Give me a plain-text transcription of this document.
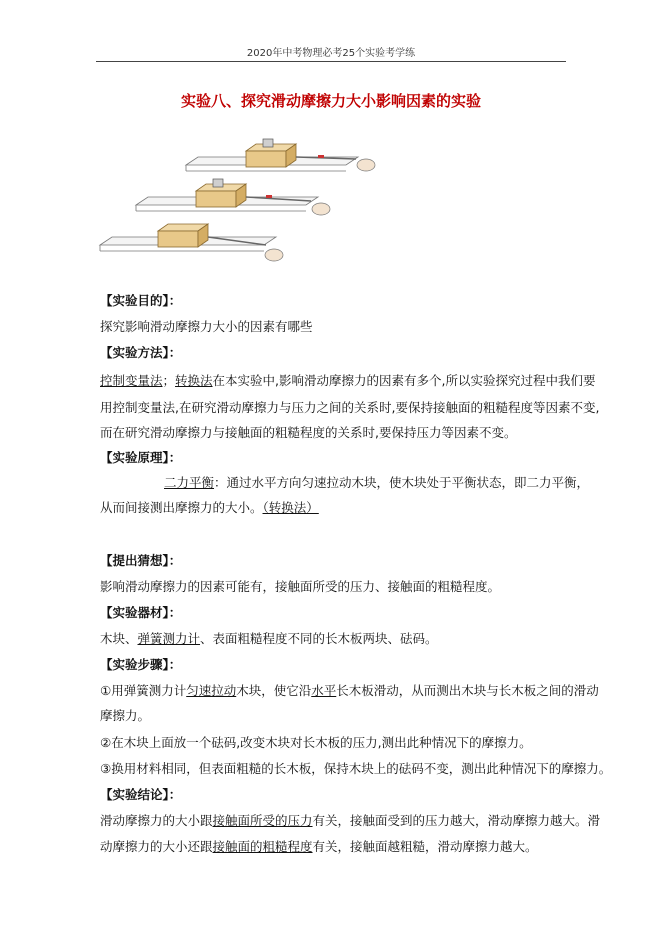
2020年中考物理必考25个实验考学练
实验八、探究滑动摩擦力大小影响因素的实验
【实验目的】：
探究影响滑动摩擦力大小的因素有哪些
【实验方法】：
控制变量法；转换法在本实验中,影响滑动摩擦力的因素有多个,所以实验探究过程中我们要
用控制变量法,在研究滑动摩擦力与压力之间的关系时,要保持接触面的粗糙程度等因素不变,
而在研究滑动摩擦力与接触面的粗糙程度的关系时,要保持压力等因素不变。
【实验原理】：
二力平衡：通过水平方向匀速拉动木块，使木块处于平衡状态，即二力平衡，
从而间接测出摩擦力的大小。（转换法）
【提出猜想】：
影响滑动摩擦力的因素可能有，接触面所受的压力、接触面的粗糙程度。
【实验器材】：
木块、弹簧测力计、表面粗糙程度不同的长木板两块、砝码。
【实验步骤】：
①用弹簧测力计匀速拉动木块，使它沿水平长木板滑动，从而测出木块与长木板之间的滑动
摩擦力。
②在木块上面放一个砝码,改变木块对长木板的压力,测出此种情况下的摩擦力。
③换用材料相同，但表面粗糙的长木板，保持木块上的砝码不变，测出此种情况下的摩擦力。
【实验结论】：
滑动摩擦力的大小跟接触面所受的压力有关，接触面受到的压力越大，滑动摩擦力越大。滑
动摩擦力的大小还跟接触面的粗糙程度有关，接触面越粗糙，滑动摩擦力越大。
